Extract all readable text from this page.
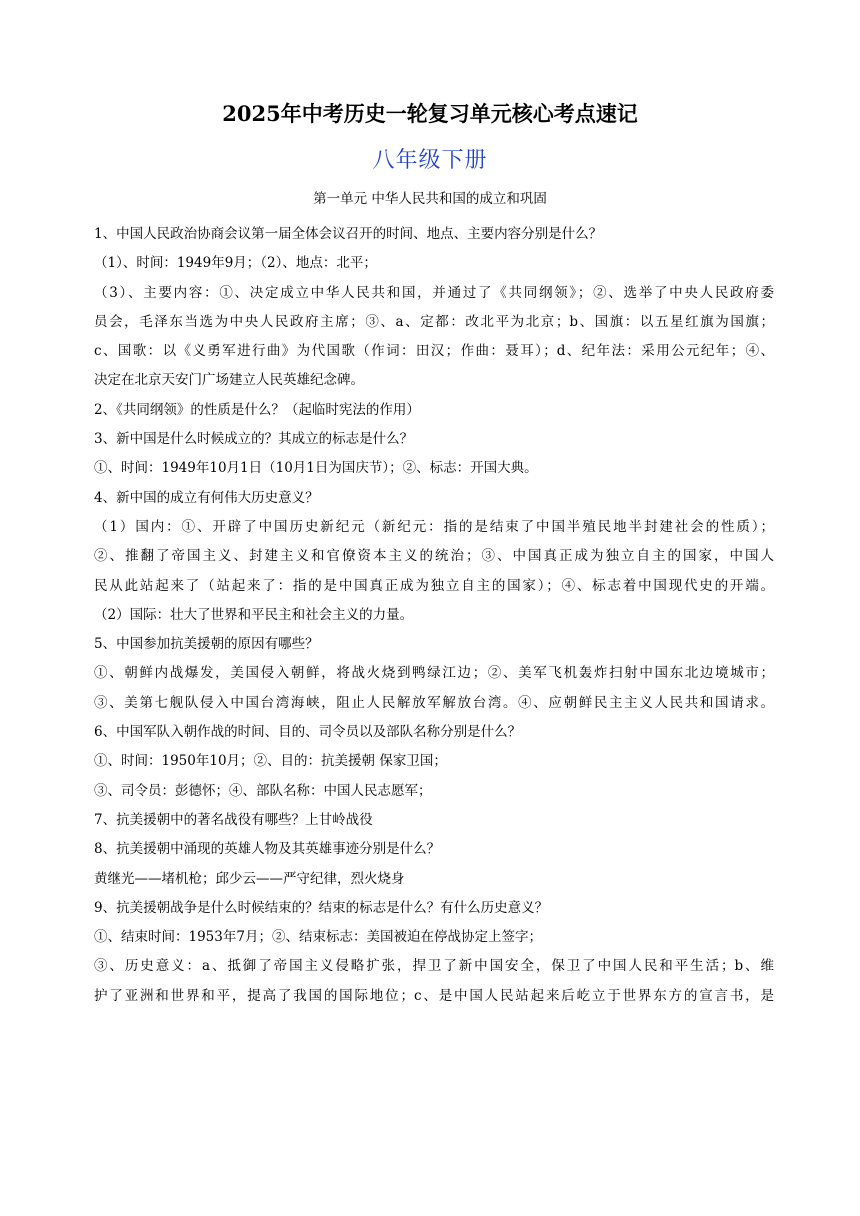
2025年中考历史一轮复习单元核心考点速记
八年级下册
第一单元 中华人民共和国的成立和巩固
1、中国人民政治协商会议第一届全体会议召开的时间、地点、主要内容分别是什么？
（1）、时间：1949年9月；（2）、地点：北平；
（3）、主要内容：①、决定成立中华人民共和国，并通过了《共同纲领》；②、选举了中央人民政府委
员会，毛泽东当选为中央人民政府主席；③、a、定都：改北平为北京；b、国旗：以五星红旗为国旗；
c、国歌：以《义勇军进行曲》为代国歌（作词：田汉；作曲：聂耳）；d、纪年法：采用公元纪年；④、
决定在北京天安门广场建立人民英雄纪念碑。
2、《共同纲领》的性质是什么？（起临时宪法的作用）
3、新中国是什么时候成立的？其成立的标志是什么？
①、时间：1949年10月1日（10月1日为国庆节）；②、标志：开国大典。
4、新中国的成立有何伟大历史意义？
（1）国内：①、开辟了中国历史新纪元（新纪元：指的是结束了中国半殖民地半封建社会的性质）；
②、推翻了帝国主义、封建主义和官僚资本主义的统治；③、中国真正成为独立自主的国家，中国人
民从此站起来了（站起来了：指的是中国真正成为独立自主的国家）；④、标志着中国现代史的开端。
（2）国际：壮大了世界和平民主和社会主义的力量。
5、中国参加抗美援朝的原因有哪些？
①、朝鲜内战爆发，美国侵入朝鲜，将战火烧到鸭绿江边；②、美军飞机轰炸扫射中国东北边境城市；
③、美第七舰队侵入中国台湾海峡，阻止人民解放军解放台湾。④、应朝鲜民主主义人民共和国请求。
6、中国军队入朝作战的时间、目的、司令员以及部队名称分别是什么？
①、时间：1950年10月；②、目的：抗美援朝 保家卫国；
③、司令员：彭德怀；④、部队名称：中国人民志愿军；
7、抗美援朝中的著名战役有哪些？上甘岭战役
8、抗美援朝中涌现的英雄人物及其英雄事迹分别是什么？
黄继光——堵机枪；邱少云——严守纪律，烈火烧身
9、抗美援朝战争是什么时候结束的？结束的标志是什么？有什么历史意义？
①、结束时间：1953年7月；②、结束标志：美国被迫在停战协定上签字；
③、历史意义：a、抵御了帝国主义侵略扩张，捍卫了新中国安全，保卫了中国人民和平生活；b、维
护了亚洲和世界和平，提高了我国的国际地位；c、是中国人民站起来后屹立于世界东方的宣言书，是
